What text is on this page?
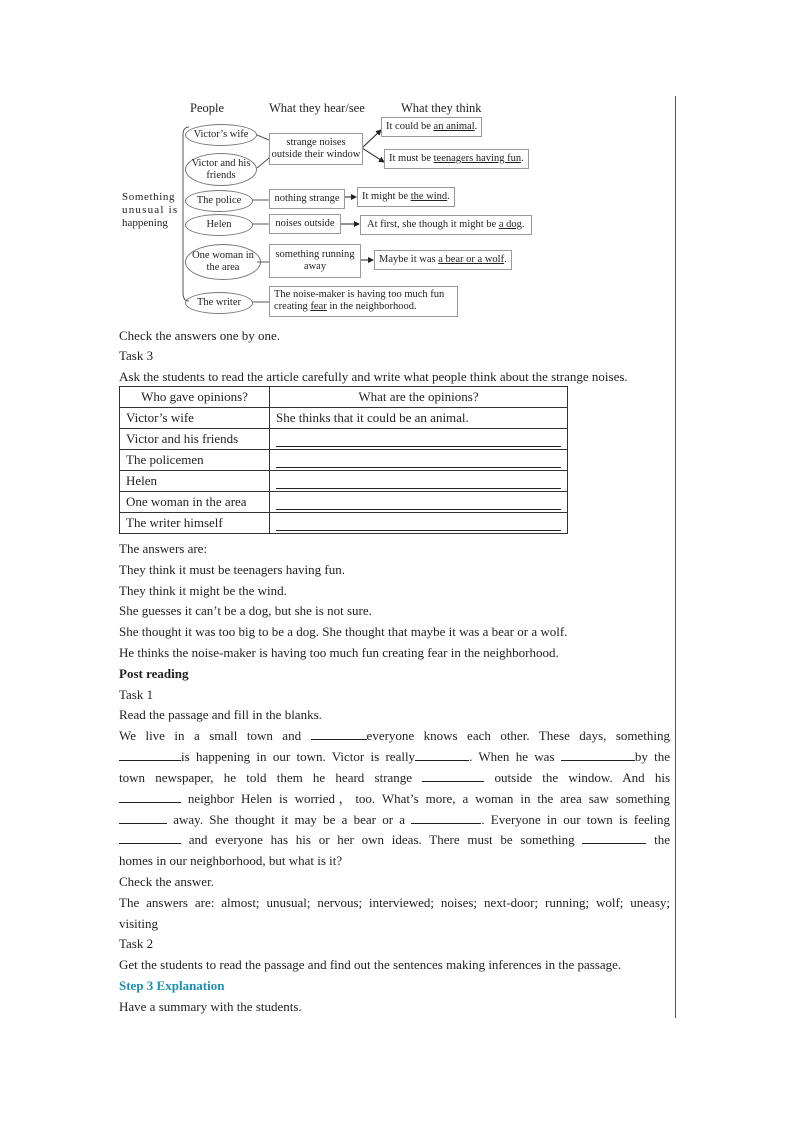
People	What they hear/see	What they think
Something
unusual is
happening
Victor’s wife
Victor and his friends
The police
Helen
One woman in the area
The writer
strange noises outside their window
nothing strange
noises outside
something running away
The noise-maker is having too much fun
creating fear in the neighborhood.
It could be
an animal .
It must be
teenagers having fun .
It might be
the wind .
At first, she though it might be
a dog .
Maybe it was
a bear or a wolf .
Check the answers one by one.
Task 3
Ask the students to read the article carefully and write what people think about the strange noises.
Who gave opinions?	What are the opinions?
Victor’s wife	She thinks that it could be an animal.
Victor and his friends	

The policemen	

Helen	

One woman in the area	

The writer himself	
The answers are:
They think it must be teenagers having fun.
They think it might be the wind.
She guesses it can’t be a dog, but she is not sure.
She thought it was too big to be a dog. She thought that maybe it was a bear or a wolf.
He thinks the noise-maker is having too much fun creating fear in the neighborhood.
Post reading
Task 1
Read the passage and fill in the blanks.
We live in a small town and	everyone knows each other. These days, something
is happening in our town. Victor is really	. When he was	by the
town newspaper, he told them he heard strange	outside the window. And his
neighbor Helen is worried，too. What’s more, a woman in the area saw something
away. She thought it may be a bear or a	. Everyone in our town is feeling
and everyone has his or her own ideas. There must be something	the
homes in our neighborhood, but what is it?
Check the answer.
The answers are: almost; unusual; nervous; interviewed; noises; next-door; running; wolf; uneasy;
visiting
Task 2
Get the students to read the passage and find out the sentences making inferences in the passage.
Step 3 Explanation
Have a summary with the students.
